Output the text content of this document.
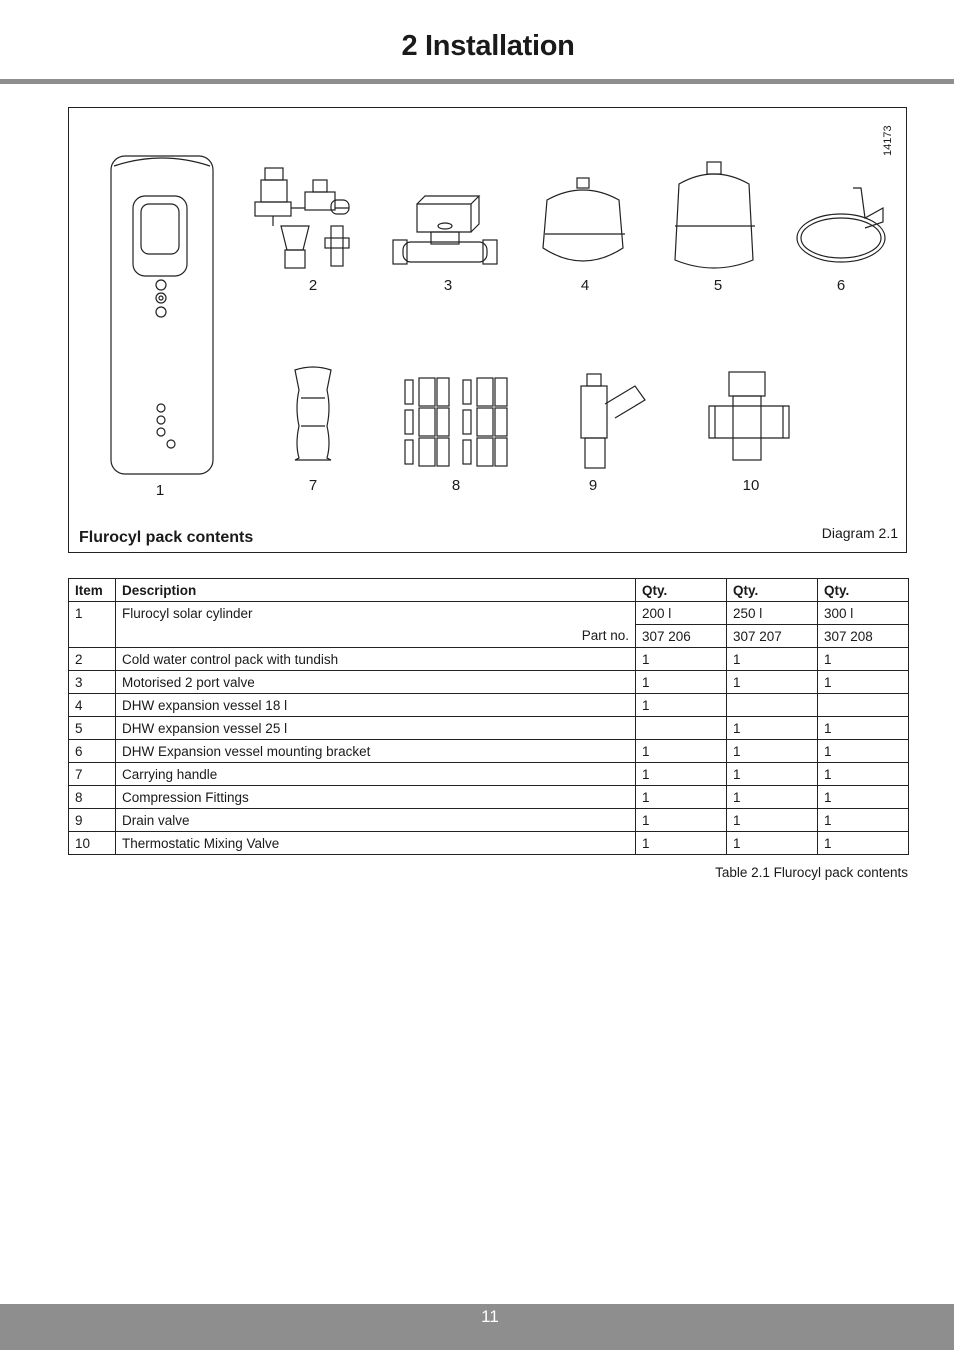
2 Installation
14173
1
2	3	4	5	6
7	8	9	10
Flurocyl pack contents	Diagram 2.1
Item	Description	Qty.	Qty.	Qty.
1	Flurocyl solar cylinder	200 l	250 l	300 l
	Part no.	307 206	307 207	307 208
2	Cold water control pack with tundish	1	1	1
3	Motorised 2 port valve	1	1	1
4	DHW expansion vessel 18 l	1		
5	DHW expansion vessel 25 l		1	1
6	DHW Expansion vessel mounting bracket	1	1	1
7	Carrying handle	1	1	1
8	Compression Fittings	1	1	1
9	Drain valve	1	1	1
10	Thermostatic Mixing Valve	1	1	1
Table 2.1 Flurocyl pack contents
11
